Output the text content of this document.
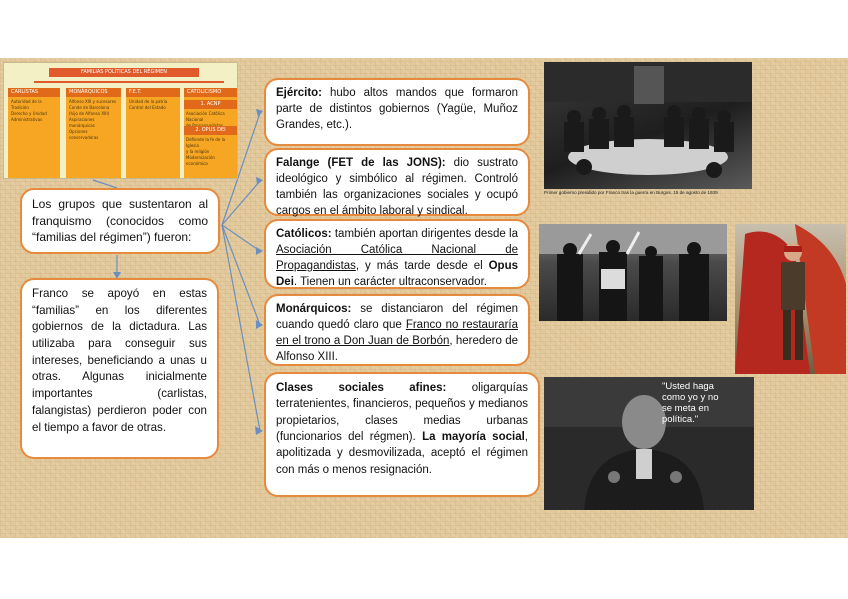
FAMILIAS POLÍTICAS DEL RÉGIMEN
CARLISTAS
Autoridad de la
Tradición
Derecho y Unidad
Administrativas
MONÁRQUICOS
Alfonso XIII y sucesores
Conde de Barcelona
(hijo de Alfonso XIII)
Aspiraciones monárquicas
Opciones
conservadoras
F.E.T.
Unidad de la patria
Control del Estado
CATOLICISMO
1. ACNP
Asociación Católica Nacional
2. OPUS DEI
Defiende la fe de la Iglesia
y la religión
Modernización
económica

Los grupos que sustentaron al franquismo (conocidos como “familias del régimen”) fueron:

Franco se apoyó en estas “familias” en los diferentes gobiernos de la dictadura. Las utilizaba para conseguir sus intereses, beneficiando a unas u otras. Algunas inicialmente importantes (carlistas, falangistas) perdieron poder con el tiempo a favor de otras.

Ejército: hubo altos mandos que formaron parte de distintos gobiernos (Yagüe, Muñoz Grandes, etc.).

Falange (FET de las JONS): dio sustrato ideológico y simbólico al régimen. Controló también las organizaciones sociales y ocupó cargos en el ámbito laboral y sindical.

Católicos: también aportan dirigentes desde la Asociación Católica Nacional de Propagandistas, y más tarde desde el Opus Dei. Tienen un carácter ultraconservador.

Monárquicos: se distanciaron del régimen cuando quedó claro que Franco no restauraría en el trono a Don Juan de Borbón, heredero de Alfonso XIII.

Clases sociales afines: oligarquías terratenientes, financieros, pequeños y medianos propietarios, clases medias urbanas (funcionarios del régmen). La mayoría social, apolitizada y desmovilizada, aceptó el régimen con más o menos resignación.

Primer gobierno presidido por Franco tras la guerra en Burgos. 15 de agosto de 1939
"Usted haga como yo y no se meta en política."
